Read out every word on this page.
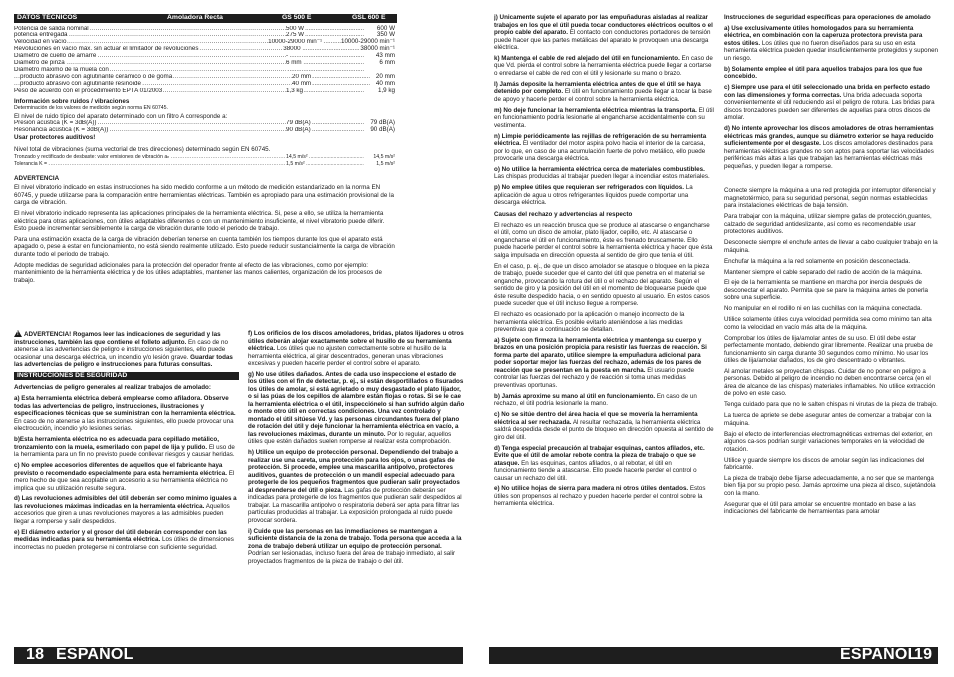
DATOS TÉCNICOS	Amoladora Recta	GS 500 E	GSL 600 E
Potencia de salida nominal .....	500 W .....	600 W
potencia entregada .....	275 W .....	350 W
Velocidad en vacío .....	10000-29000 min⁻¹ .....	10000-29000 min⁻¹
Revoluciones en vacío máx. sin actuar el limitador de revoluciones .....	38000 .....	38000 min⁻¹
Diámetro de cuello de amarre .....	- .....	43 mm
Diámetro de pinza .....	6 mm .....	6 mm
Diámetro máximo de la muela con .....
.....
producto abrasivo con aglutinante cerámico o de goma .....	20 mm .....	20 mm
producto abrasivo con aglutinante resinoide .....	40 mm .....	40 mm
Peso de acuerdo con el procedimiento EPTA 01/2003 .....	1,3 kg .....	1,9 kg

Información sobre ruidos / vibraciones

Determinación de los valores de medición según norma EN 60745.

El nivel de ruido típico del aparato determinado con un filtro A corresponde a:

Presión acústica (K = 3dB(A)) .....	79 dB(A) .....	79 dB(A)
Resonancia acústica (K = 3dB(A)) .....	90 dB(A) .....	90 dB(A)

Usar protectores auditivos!

Nivel total de vibraciones (suma vectorial de tres direcciones) determinado según EN 60745.

Tronzado y rectificado de desbaste: valor emisiones de vibración aₕ .....	14,5 m/s² .....	14,5 m/s²
Tolerancia K = .....	1,5 m/s² .....	1,5 m/s²

ADVERTENCIA

El nivel vibratorio indicado en estas instrucciones ha sido medido conforme a un método de medición estandarizado en la norma EN 60745, y puede utilizarse para la comparación entre herramientas eléctricas. También es apropiado para una estimación provisional de la carga de vibración.

El nivel vibratorio indicado representa las aplicaciones principales de la herramienta eléctrica. Si, pese a ello, se utiliza la herramienta eléctrica para otras aplicaciones, con útiles adaptables diferentes o con un mantenimiento insuficiente, el nivel vibratorio puede diferir. Esto puede incrementar sensiblemente la carga de vibración durante todo el periodo de trabajo.

Para una estimación exacta de la carga de vibración deberían tenerse en cuenta también los tiempos durante los que el aparato está apagado o, pese a estar en funcionamiento, no está siendo realmente utilizado. Esto puede reducir sustancialmente la carga de vibración durante todo el periodo de trabajo.

Adopte medidas de seguridad adicionales para la protección del operador frente al efecto de las vibraciones, como por ejemplo: mantenimiento de la herramienta eléctrica y de los útiles adaptables, mantener las manos calientes, organización de los procesos de trabajo.

!ADVERTENCIA! Rogamos leer las indicaciones de seguridad y las instrucciones, también las que contiene el folleto adjunto. En caso de no atenerse a las advertencias de peligro e instrucciones siguientes, ello puede ocasionar una descarga eléctrica, un incendio y/o lesión grave. Guardar todas las advertencias de peligro e instrucciones para futuras consultas.

INSTRUCCIONES DE SEGURIDAD

Advertencias de peligro generales al realizar trabajos de amolado:

a) Esta herramienta eléctrica deberá emplearse como afiladora. Observe todas las advertencias de peligro, instrucciones, ilustraciones y especificaciones técnicas que se suministran con la herramienta eléctrica. En caso de no atenerse a las instrucciones siguientes, ello puede provocar una electrocución, incendio y/o lesiones serias.

b)Esta herramienta eléctrica no es adecuada para cepillado metálico, tronzamiento con la muela, esmerilado con papel de lija y pulido. El uso de la herramienta para un fin no previsto puede conllevar riesgos y causar heridas.

c) No emplee accesorios diferentes de aquellos que el fabricante haya previsto o recomendado especialmente para esta herramienta eléctrica. El mero hecho de que sea acoplable un accesorio a su herramienta eléctrica no implica que su utilización resulte segura.

d) Las revoluciones admisibles del útil deberán ser como mínimo iguales a las revoluciones máximas indicadas en la herramienta eléctrica. Aquellos accesorios que giren a unas revoluciones mayores a las admisibles pueden llegar a romperse y salir despedidos.

e) El diámetro exterior y el grosor del útil deberán corresponder con las medidas indicadas para su herramienta eléctrica. Los útiles de dimensiones incorrectas no pueden protegerse ni controlarse con suficiente seguridad.

f) Los orificios de los discos amoladores, bridas, platos lijadores u otros útiles deberán alojar exactamente sobre el husillo de su herramienta eléctrica. Los útiles que no ajusten correctamente sobre el husillo de la herramienta eléctrica, al girar descentrados, generan unas vibraciones excesivas y pueden hacerle perder el control sobre el aparato.

g) No use útiles dañados. Antes de cada uso inspeccione el estado de los útiles con el fin de detectar, p. ej., si están desportillados o fisurados los útiles de amolar, si está agrietado o muy desgastado el plato lijador, o si las púas de los cepillos de alambre están flojas o rotas. Si se le cae la herramienta eléctrica o el útil, inspecciónelo si han sufrido algún daño o monte otro útil en correctas condiciones. Una vez controlado y montado el útil sitúese Vd. y las personas circundantes fuera del plano de rotación del útil y deje funcionar la herramienta eléctrica en vacío, a las revoluciones máximas, durante un minuto. Por lo regular, aquellos útiles que estén dañados suelen romperse al realizar esta comprobación.

h) Utilice un equipo de protección personal. Dependiendo del trabajo a realizar use una careta, una protección para los ojos, o unas gafas de protección. Si procede, emplee una mascarilla antipolvo, protectores auditivos, guantes de protección o un mandil especial adecuado para protegerle de los pequeños fragmentos que pudieran salir proyectados al desprenderse del útil o pieza. Las gafas de protección deberán ser indicadas para protegerle de los fragmentos que pudieran salir despedidos al trabajar. La mascarilla antipolvo o respiratoria deberá ser apta para filtrar las partículas producidas al trabajar. La exposición prolongada al ruido puede provocar sordera.

i) Cuide que las personas en las inmediaciones se mantengan a suficiente distancia de la zona de trabajo. Toda persona que acceda a la zona de trabajo deberá utilizar un equipo de protección personal. Podrían ser lesionadas, incluso fuera del área de trabajo inmediato, al salir proyectados fragmentos de la pieza de trabajo o del útil.

18 ESPAÑOL

j) Únicamente sujete el aparato por las empuñaduras aisladas al realizar trabajos en los que el útil pueda tocar conductores eléctricos ocultos o el propio cable del aparato. El contacto con conductores portadores de tensión puede hacer que las partes metálicas del aparato le provoquen una descarga eléctrica.

k) Mantenga el cable de red alejado del útil en funcionamiento. En caso de que Vd. pierda el control sobre la herramienta eléctrica puede llegar a cortarse o enredarse el cable de red con el útil y lesionarle su mano o brazo.

l) Jamás deposite la herramienta eléctrica antes de que el útil se haya detenido por completo. El útil en funcionamiento puede llegar a tocar la base de apoyo y hacerle perder el control sobre la herramienta eléctrica.

m) No deje funcionar la herramienta eléctrica mientras la transporta. El útil en funcionamiento podría lesionarle al engancharse accidentalmente con su vestimenta.

n) Limpie periódicamente las rejillas de refrigeración de su herramienta eléctrica. El ventilador del motor aspira polvo hacia el interior de la carcasa, por lo que, en caso de una acumulación fuerte de polvo metálico, ello puede provocarle una descarga eléctrica.

o) No utilice la herramienta eléctrica cerca de materiales combustibles. Las chispas producidas al trabajar pueden llegar a incendiar estos materiales.

p) No emplee útiles que requieran ser refrigerados con líquidos. La aplicación de agua u otros refrigerantes líquidos puede comportar una descarga eléctrica.

Causas del rechazo y advertencias al respecto

El rechazo es un reacción brusca que se produce al atascarse o engancharse el útil, como un disco de amolar, plato lijador, cepillo, etc. Al atascarse o engancharse el útil en funcionamiento, éste es frenado bruscamente. Ello puede hacerle perder el control sobre la herramienta eléctrica y hacer que ésta salga impulsada en dirección opuesta al sentido de giro que tenía el útil.

En el caso, p. ej., de que un disco amolador se atasque o bloquee en la pieza de trabajo, puede suceder que el canto del útil que penetra en el material se enganche, provocando la rotura del útil o el rechazo del aparato. Según el sentido de giro y la posición del útil en el momento de bloquearse puede que éste resulte despedido hacia, o en sentido opuesto al usuario. En estos casos puede suceder que el útil incluso llegue a romperse.

El rechazo es ocasionado por la aplicación o manejo incorrecto de la herramienta eléctrica. Es posible evitarlo ateniéndose a las medidas preventivas que a continuación se detallan.

a) Sujete con firmeza la herramienta eléctrica y mantenga su cuerpo y brazos en una posición propicia para resistir las fuerzas de reacción. Si forma parte del aparato, utilice siempre la empuñadura adicional para poder soportar mejor las fuerzas del rechazo, además de los pares de reacción que se presentan en la puesta en marcha. El usuario puede controlar las fuerzas del rechazo y de reacción si toma unas medidas preventivas oportunas.

b) Jamás aproxime su mano al útil en funcionamiento. En caso de un rechazo, el útil podría lesionarle la mano.

c) No se sitúe dentro del área hacia el que se movería la herramienta eléctrica al ser rechazada. Al resultar rechazada, la herramienta eléctrica saldrá despedida desde el punto de bloqueo en dirección opuesta al sentido de giro del útil.

d) Tenga especial precaución al trabajar esquinas, cantos afilados, etc. Evite que el útil de amolar rebote contra la pieza de trabajo o que se atasque. En las esquinas, cantos afilados, o al rebotar, el útil en funcionamiento tiende a atascarse. Ello puede hacerle perder el control o causar un rechazo del útil.

e) No utilice hojas de sierra para madera ni otros útiles dentados. Estos útiles son propensos al rechazo y pueden hacerle perder el control sobre la herramienta eléctrica.

Instrucciones de seguridad específicas para operaciones de amolado

a) Use exclusivamente útiles homologados para su herramienta eléctrica, en combinación con la caperuza protectora prevista para estos útiles. Los útiles que no fueron diseñados para su uso en esta herramienta eléctrica pueden quedar insuficientemente protegidos y suponen un riesgo.

b) Solamente emplee el útil para aquellos trabajos para los que fue concebido.

c) Siempre use para el útil seleccionado una brida en perfecto estado con las dimensiones y forma correctas. Una brida adecuada soporta convenientemente el útil reduciendo así el peligro de rotura. Las bridas para discos tronzadores pueden ser diferentes de aquellas para otros discos de amolar.

d) No intente aprovechar los discos amoladores de otras herramientas eléctricas más grandes, aunque su diámetro exterior se haya reducido suficientemente por el desgaste. Los discos amoladores destinados para herramientas eléctricas grandes no son aptos para soportar las velocidades periféricas más altas a las que trabajan las herramientas eléctricas más pequeñas, y pueden llegar a romperse.

Conecte siempre la máquina a una red protegida por interruptor diferencial y magnetotérmico, para su seguridad personal, según normas establecidas para instalaciones eléctricas de baja tensión.

Para trabajar con la máquina, utilizar siempre gafas de protección,guantes, calzado de seguridad antideslizante, así como es recomendable usar protectores auditivos.

Desconecte siempre el enchufe antes de llevar a cabo cualquier trabajo en la máquina.

Enchufar la máquina a la red solamente en posición desconectada.

Mantener siempre el cable separado del radio de acción de la máquina.

El eje de la herramienta se mantiene en marcha por inercia después de desconectar el aparato. Permita que se pare la máquina antes de ponerla sobre una superficie.

No manipular en el rodillo ni en las cuchillas con la máquina conectada.

Utilice solamente útiles cuya velocidad permitida sea como mínimo tan alta como la velocidad en vacío más alta de la máquina.

Comprobar los útiles de lija/amolar antes de su uso. El útil debe estar perfectamente montado, debiendo girar libremente. Realizar una prueba de funcionamiento sin carga durante 30 segundos como mínimo. No usar los útiles de lija/amolar dañados, los de giro descentrado o vibrantes.

Al amolar metales se proyectan chispas. Cuidar de no poner en peligro a personas. Debido al peligro de incendio no deben encontrarse cerca (en el área de alcance de las chispas) materiales inflamables. No utilice extracción de polvo en este caso.

Tenga cuidado para que no le salten chispas ni virutas de la pieza de trabajo.

La tuerca de apriete se debe asegurar antes de comenzar a trabajar con la máquina.

Bajo el efecto de interferencias electromagnéticas extremas del exterior, en algunos ca-sos podrían surgir variaciones temporales en la velocidad de rotación.

Utilice y guarde siempre los discos de amolar según las indicaciones del fabricante.

La pieza de trabajo debe fijarse adecuadamente, a no ser que se mantenga bien fija por su propio peso. Jamás aproxime una pieza al disco, sujetándola con la mano.

Asegurar que el útil para amolar se encuentre montado en base a las indicaciones del fabricante de herramientas para amolar

ESPAÑOL
19
